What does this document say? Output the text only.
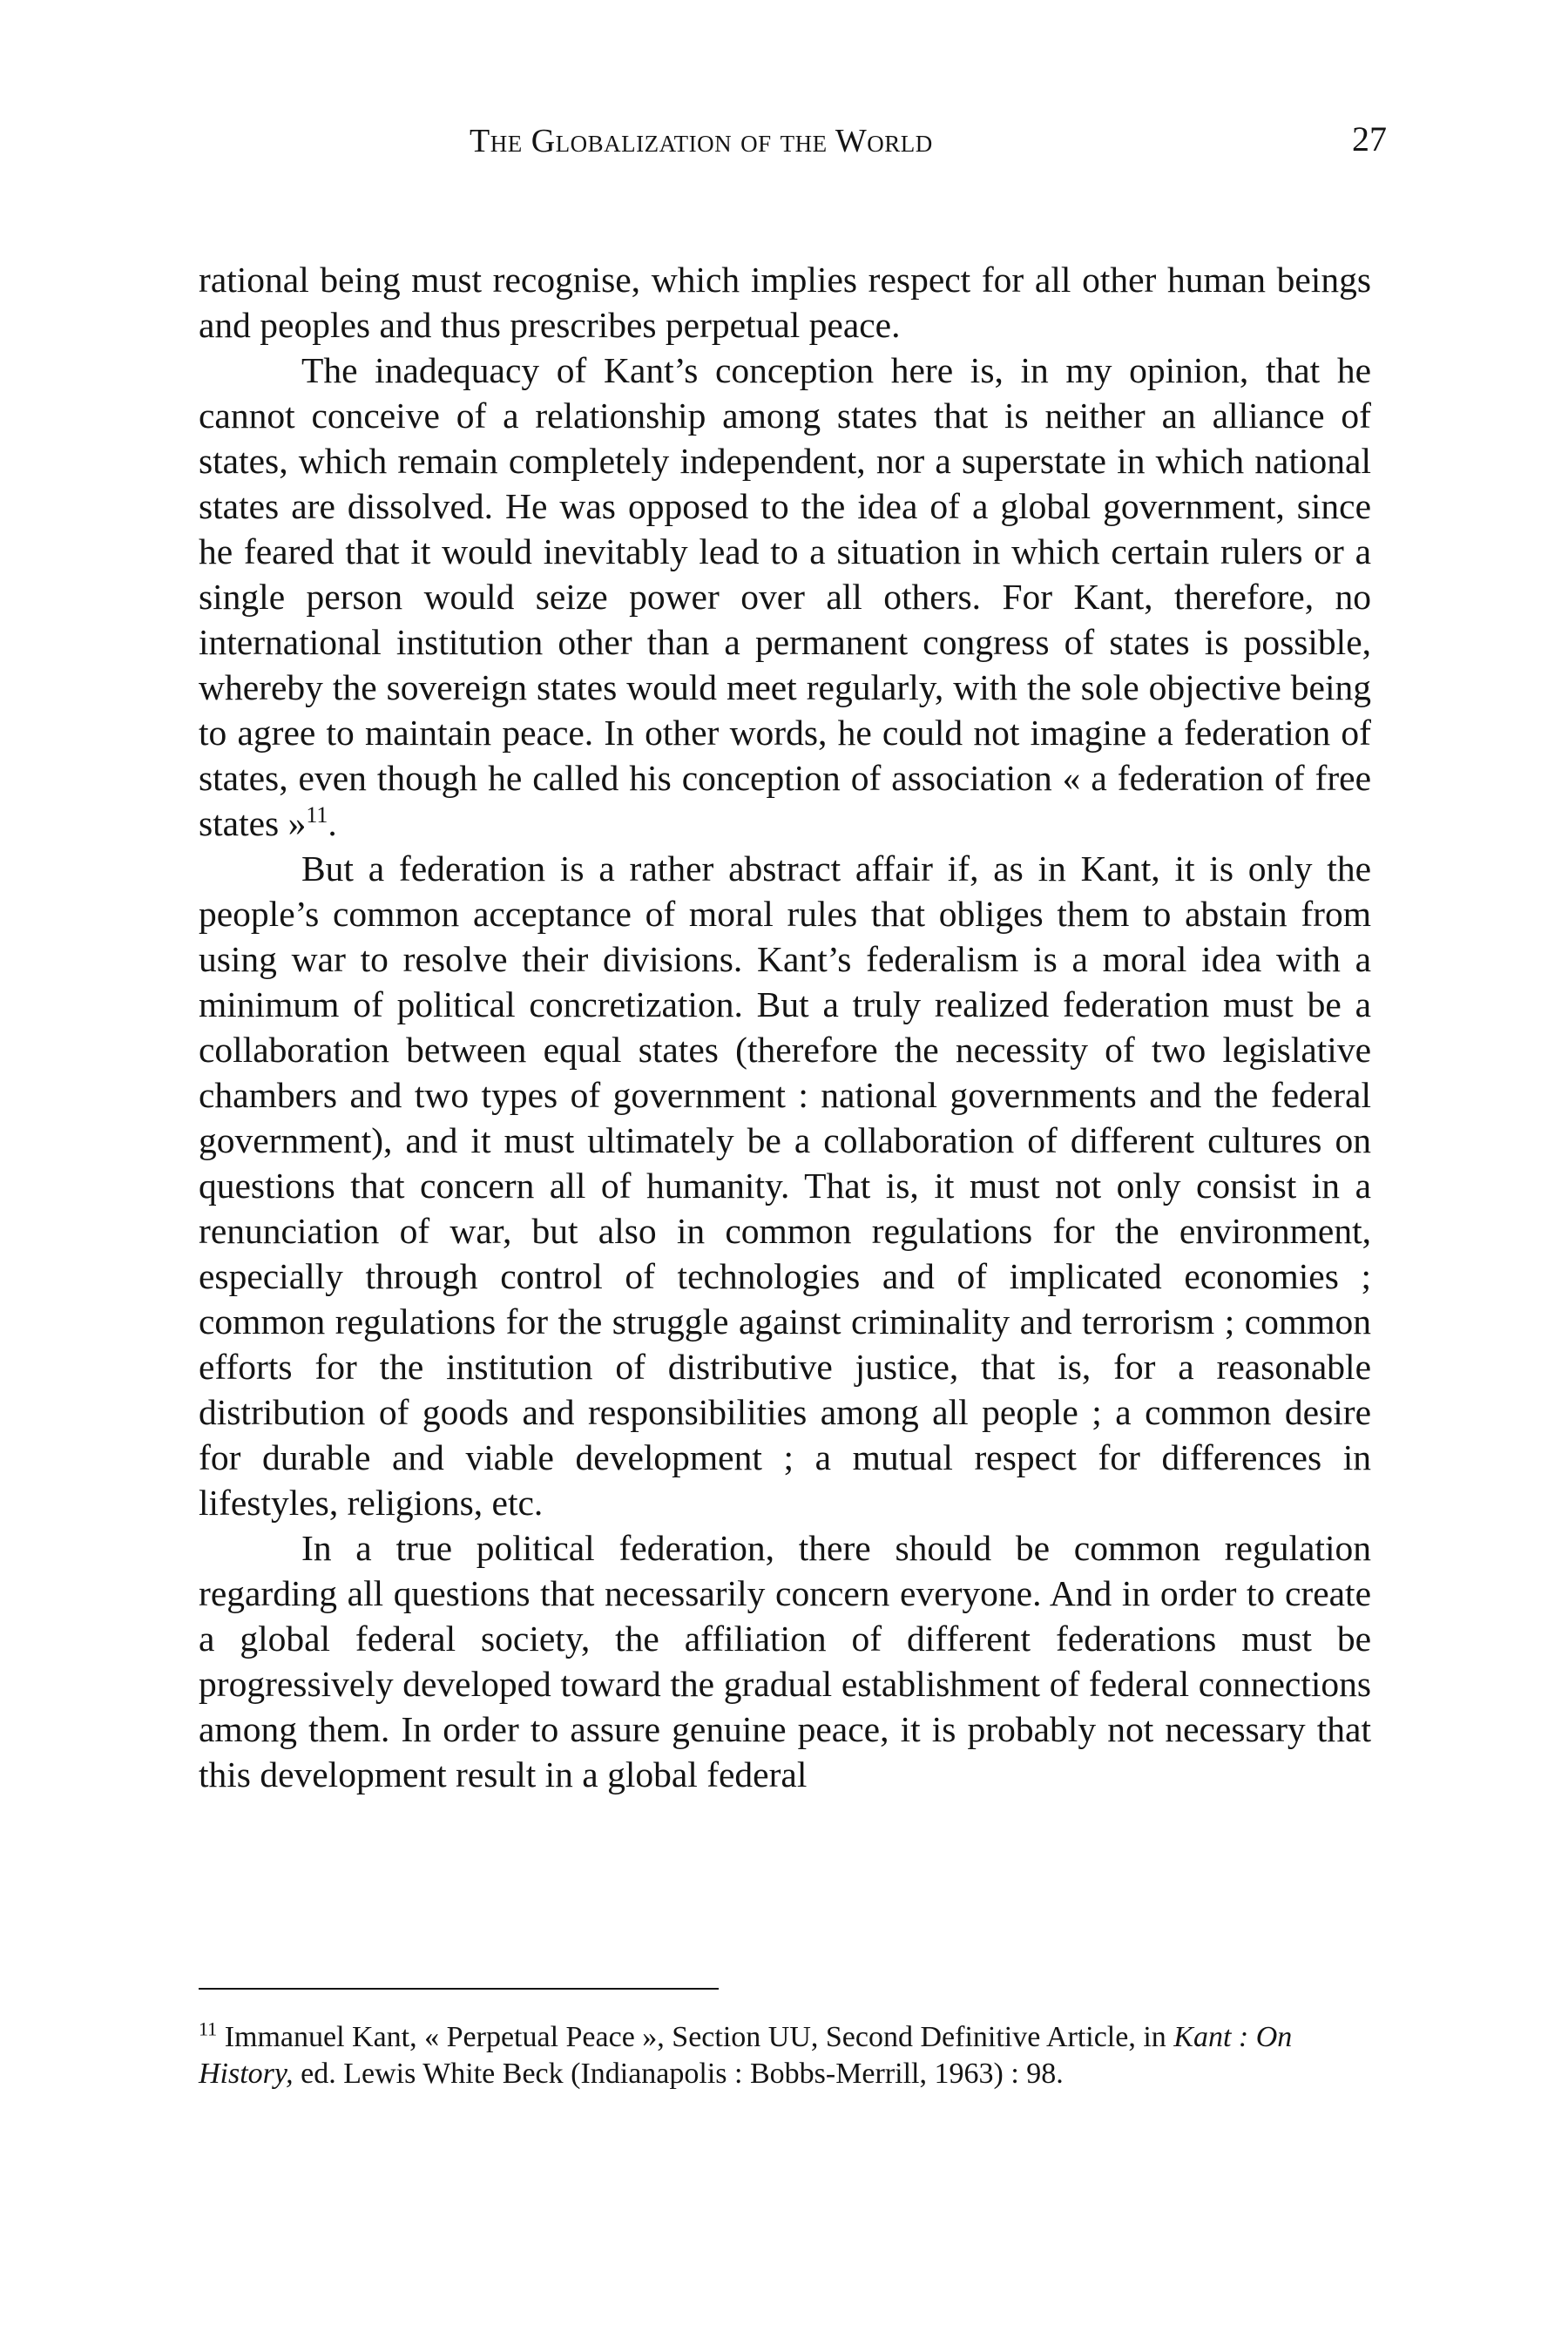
The Globalization of the World	27

rational being must recognise, which implies respect for all other human beings and peoples and thus prescribes perpetual peace.

The inadequacy of Kant’s conception here is, in my opinion, that he cannot conceive of a relationship among states that is neither an alliance of states, which remain completely independent, nor a superstate in which national states are dissolved. He was opposed to the idea of a global government, since he feared that it would inevitably lead to a situation in which certain rulers or a single person would seize power over all others. For Kant, therefore, no international institution other than a permanent congress of states is possible, whereby the sovereign states would meet regularly, with the sole objective being to agree to maintain peace. In other words, he could not imagine a federation of states, even though he called his conception of association « a federation of free states »$^{11}$.

But a federation is a rather abstract affair if, as in Kant, it is only the people’s common acceptance of moral rules that obliges them to abstain from using war to resolve their divisions. Kant’s federalism is a moral idea with a minimum of political concretization. But a truly realized federation must be a collaboration between equal states (therefore the necessity of two legislative chambers and two types of government : national governments and the federal government), and it must ultimately be a collaboration of different cultures on questions that concern all of humanity. That is, it must not only consist in a renunciation of war, but also in common regulations for the environment, especially through control of technologies and of implicated economies ; common regulations for the struggle against criminality and terrorism ; common efforts for the institution of distributive justice, that is, for a reasonable distribution of goods and responsibilities among all people ; a common desire for durable and viable development ; a mutual respect for differences in lifestyles, religions, etc.

In a true political federation, there should be common regulation regarding all questions that necessarily concern everyone. And in order to create a global federal society, the affiliation of different federations must be progressively developed toward the gradual establishment of federal connections among them. In order to assure genuine peace, it is probably not necessary that this development result in a global federal

$^{11}$ Immanuel Kant, « Perpetual Peace », Section UU, Second Definitive Article, in Kant : On History, ed. Lewis White Beck (Indianapolis : Bobbs-Merrill, 1963) : 98.
